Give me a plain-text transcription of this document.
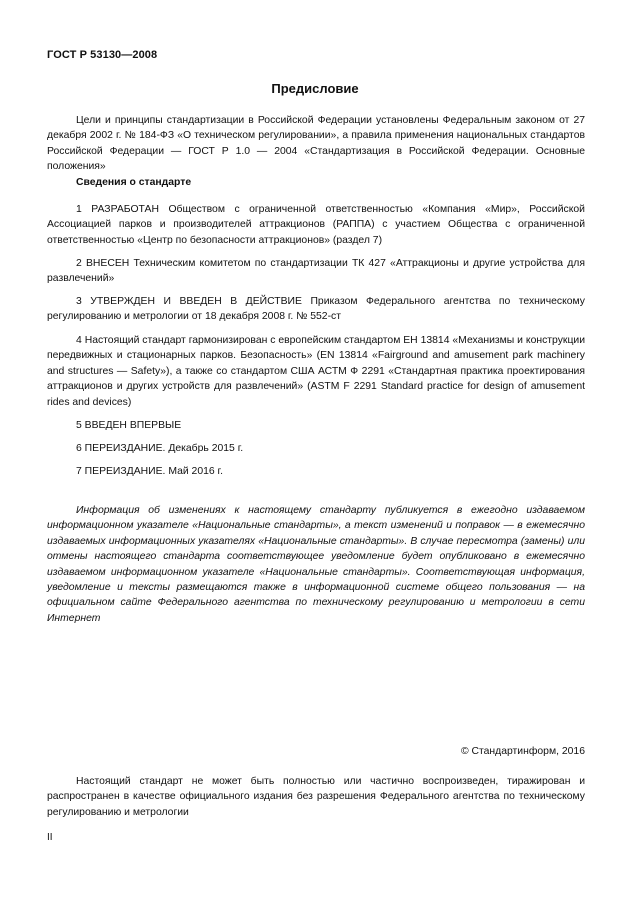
ГОСТ Р 53130—2008
Предисловие
Цели и принципы стандартизации в Российской Федерации установлены Федеральным законом от 27 декабря 2002 г. № 184-ФЗ «О техническом регулировании», а правила применения национальных стандартов Российской Федерации — ГОСТ Р 1.0 — 2004 «Стандартизация в Российской Федерации. Основные положения»
Сведения о стандарте
1 РАЗРАБОТАН Обществом с ограниченной ответственностью «Компания «Мир», Российской Ассоциацией парков и производителей аттракционов (РАППА) с участием Общества с ограниченной ответственностью «Центр по безопасности аттракционов» (раздел 7)
2 ВНЕСЕН Техническим комитетом по стандартизации ТК 427 «Аттракционы и другие устройства для развлечений»
3 УТВЕРЖДЕН И ВВЕДЕН В ДЕЙСТВИЕ Приказом Федерального агентства по техническому регулированию и метрологии от 18 декабря 2008 г. № 552-ст
4 Настоящий стандарт гармонизирован с европейским стандартом ЕН 13814 «Механизмы и конструкции передвижных и стационарных парков. Безопасность» (EN 13814 «Fairground and amusement park machinery and structures — Safety»), а также со стандартом США АСТМ Ф 2291 «Стандартная практика проектирования аттракционов и других устройств для развлечений» (ASTM F 2291 Standard practice for design of amusement rides and devices)
5 ВВЕДЕН ВПЕРВЫЕ
6 ПЕРЕИЗДАНИЕ. Декабрь 2015 г.
7 ПЕРЕИЗДАНИЕ. Май 2016 г.
Информация об изменениях к настоящему стандарту публикуется в ежегодно издаваемом информационном указателе «Национальные стандарты», а текст изменений и поправок — в ежемесячно издаваемых информационных указателях «Национальные стандарты». В случае пересмотра (замены) или отмены настоящего стандарта соответствующее уведомление будет опубликовано в ежемесячно издаваемом информационном указателе «Национальные стандарты». Соответствующая информация, уведомление и тексты размещаются также в информационной системе общего пользования — на официальном сайте Федерального агентства по техническому регулированию и метрологии в сети Интернет
© Стандартинформ, 2016
Настоящий стандарт не может быть полностью или частично воспроизведен, тиражирован и распространен в качестве официального издания без разрешения Федерального агентства по техническому регулированию и метрологии
II
